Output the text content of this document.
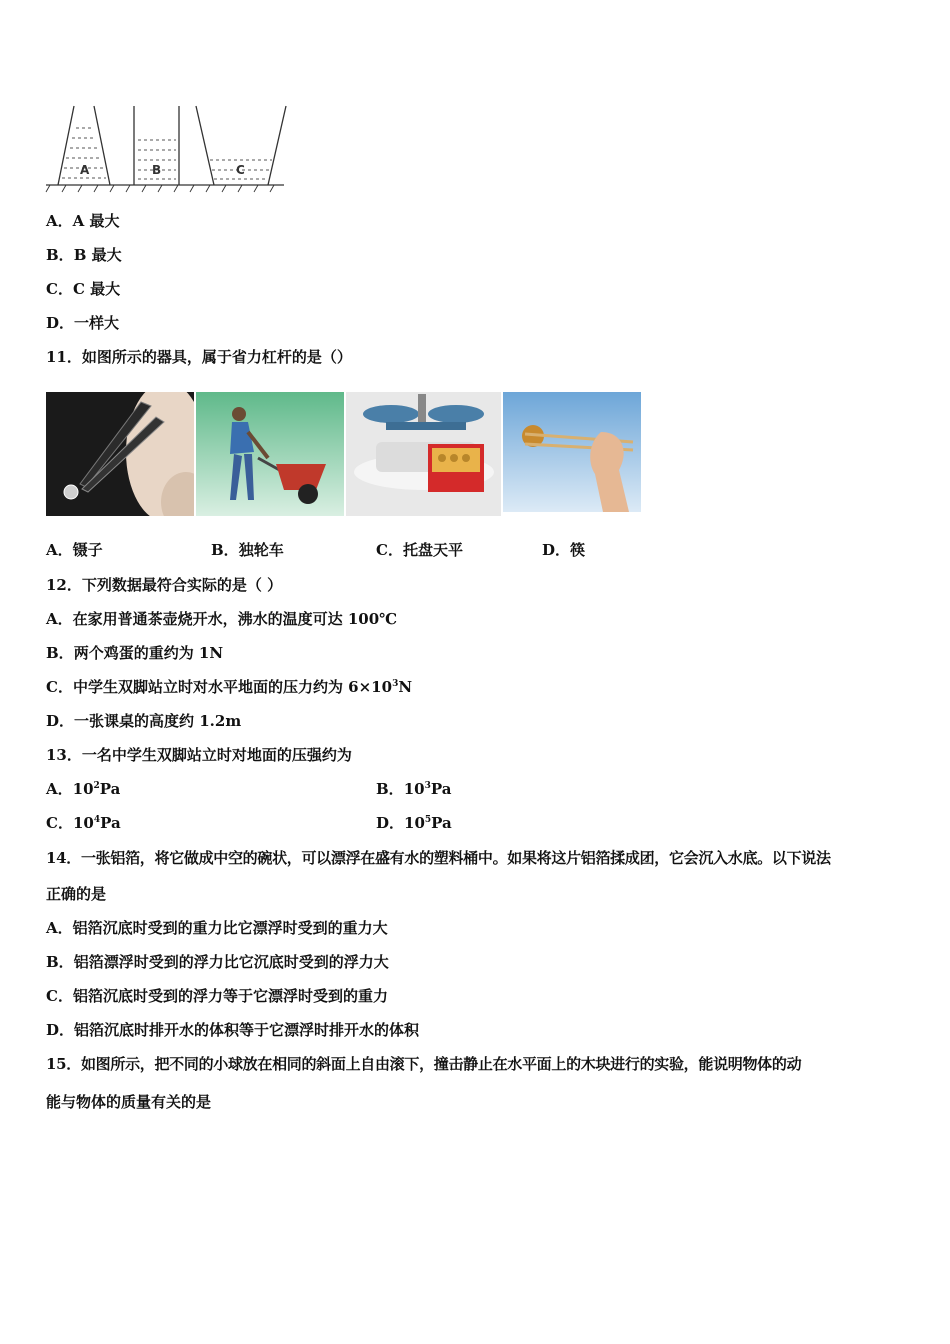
A	B	C
A．A 最大
B．B 最大
C．C 最大
D．一样大
11．如图所示的器具，属于省力杠杆的是（）
A．镊子	B．独轮车	C．托盘天平	D．筷
12．下列数据最符合实际的是（ ）
A．在家用普通茶壶烧开水，沸水的温度可达 100℃
B．两个鸡蛋的重约为 1N
C．中学生双脚站立时对水平地面的压力约为 $6\times 10^3N$
D．一张课桌的高度约 1.2m
13．一名中学生双脚站立时对地面的压强约为
A．$10^2Pa$	B．$10^3Pa$
C．$10^4Pa$	D．$10^5Pa$
14．一张铝箔，将它做成中空的碗状，可以漂浮在盛有水的塑料桶中。如果将这片铝箔揉成团，它会沉入水底。以下说法
正确的是
A．铝箔沉底时受到的重力比它漂浮时受到的重力大
B．铝箔漂浮时受到的浮力比它沉底时受到的浮力大
C．铝箔沉底时受到的浮力等于它漂浮时受到的重力
D．铝箔沉底时排开水的体积等于它漂浮时排开水的体积
15．如图所示，把不同的小球放在相同的斜面上自由滚下，撞击静止在水平面上的木块进行的实验，能说明物体的动
能与物体的质量有关的是
